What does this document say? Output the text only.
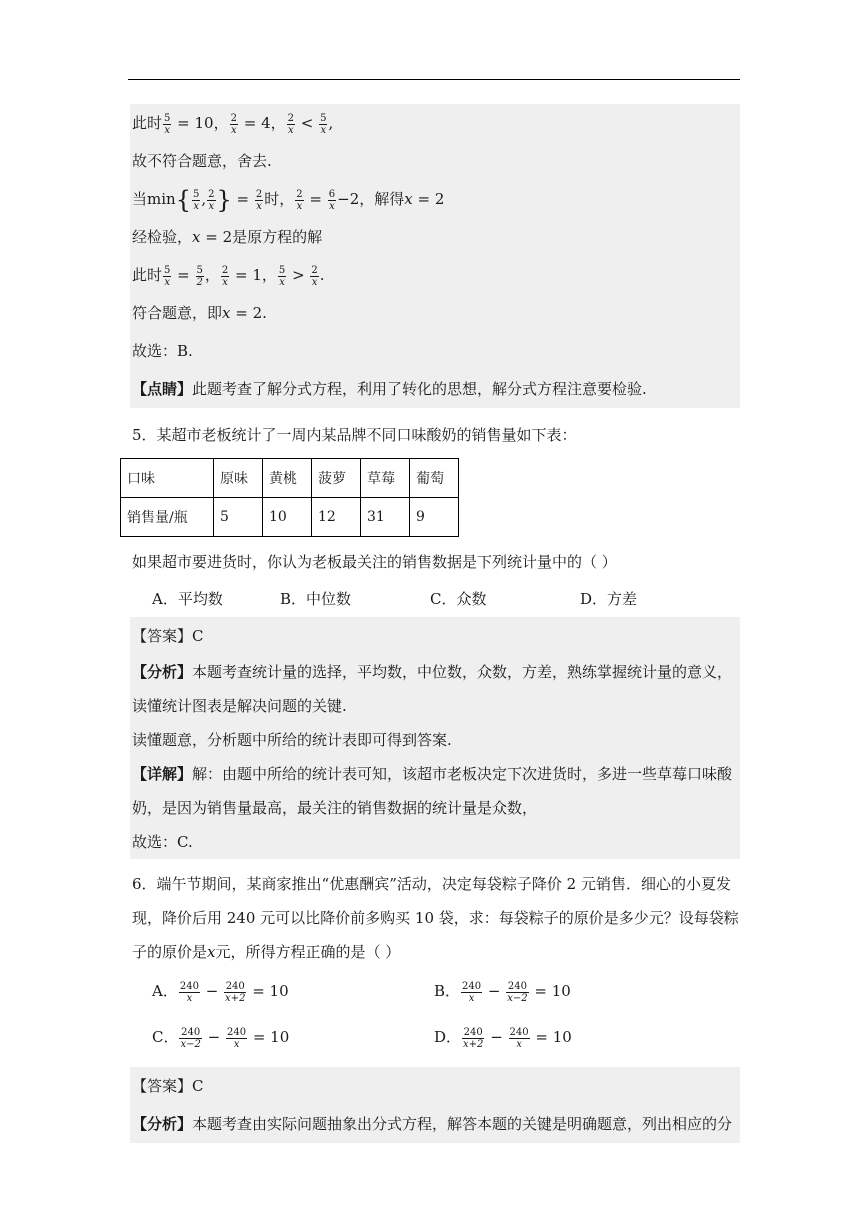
此时 $\frac{5}{x} = 10$， $\frac{2}{x} = 4$， $\frac{2}{x} < \frac{5}{x}$ ,
故不符合题意，舍去.
当$\min\{ \frac{5}{x}$ , $\frac{2}{x}$ } = $\frac{2}{x}$ 时， $\frac{2}{x} = \frac{6}{x} -2$，解得x = 2
经检验，𝑥 = 2是原方程的解
此时 $\frac{5}{x} = \frac{5}{2}$ ， $\frac{2}{x} = 1$， $\frac{5}{x} > \frac{2}{x}$ .
符合题意，即𝑥 = 2.
故选：B.
【点睛】此题考查了解分式方程，利用了转化的思想，解分式方程注意要检验.
5．某超市老板统计了一周内某品牌不同口味酸奶的销售量如下表：
口味	原味	黄桃	菠萝	草莓	葡萄
销售量/瓶	5	10	12	31	9
如果超市要进货时，你认为老板最关注的销售数据是下列统计量中的（ ）
A．平均数	B．中位数	C．众数	D．方差
【答案】C
【分析】本题考查统计量的选择，平均数，中位数，众数，方差，熟练掌握统计量的意义，
读懂统计图表是解决问题的关键.
读懂题意，分析题中所给的统计表即可得到答案.
【详解】解：由题中所给的统计表可知，该超市老板决定下次进货时，多进一些草莓口味酸
奶，是因为销售量最高，最关注的销售数据的统计量是众数，
故选：C.
6．端午节期间，某商家推出“优惠酬宾”活动，决定每袋粽子降价 2 元销售．细心的小夏发
现，降价后用 240 元可以比降价前多购买 10 袋，求：每袋粽子的原价是多少元？设每袋粽
子的原价是𝑥元，所得方程正确的是（ ）
A． $\frac{240}{x} - \frac{240}{x+2} = 10$	B． $\frac{240}{x} - \frac{240}{x-2} = 10$
C． $\frac{240}{x-2} - \frac{240}{x} = 10$	D． $\frac{240}{x+2} - \frac{240}{x} = 10$
【答案】C
【分析】本题考查由实际问题抽象出分式方程，解答本题的关键是明确题意，列出相应的分
